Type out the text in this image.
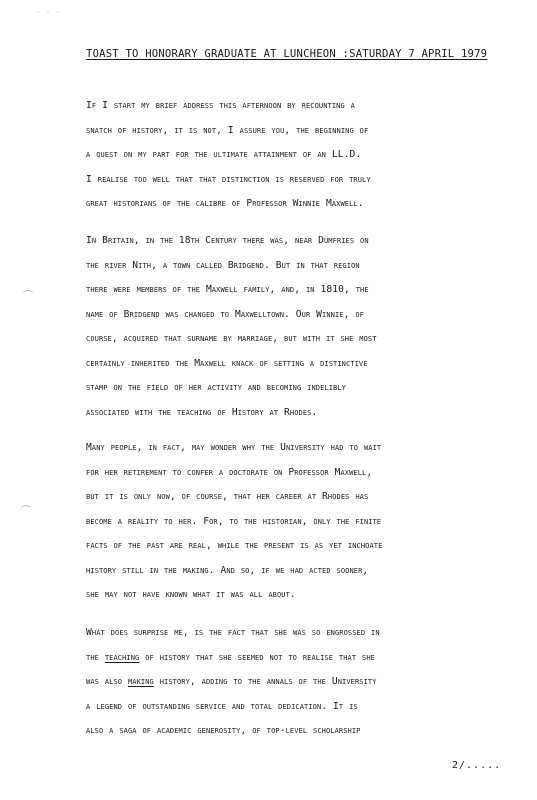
· · ·
TOAST TO HONORARY GRADUATE AT LUNCHEON :SATURDAY 7 APRIL 1979
If I start my brief address this afternoon by recounting a
snatch of history, it is not, I assure you, the beginning of
a quest on my part for the ultimate attainment of an LL.D.
I realise too well that that distinction is reserved for truly
great historians of the calibre of Professor Winnie Maxwell.
In Britain, in the 18th Century there was, near Dumfries on
the river Nith, a town called Bridgend. But in that region
there were members of the Maxwell family, and, in 1810, the
name of Bridgend was changed to Maxwelltown. Our Winnie, of
course, acquired that surname by marriage, but with it she most
certainly inherited the Maxwell knack of setting a distinctive
stamp on the field of her activity and becoming indelibly
associated with the teaching of History at Rhodes.
Many people, in fact, may wonder why the University had to wait
for her retirement to confer a doctorate on Professor Maxwell,
but it is only now, of course, that her career at Rhodes has
become a reality to her. For, to the historian, only the finite
facts of the past are real, while the present is as yet inchoate
history still in the making. And so, if we had acted sooner,
she may not have known what it was all about.
What does surprise me, is the fact that she was so engrossed in
the teaching of history that she seemed not to realise that she
was also making history, adding to the annals of the University
a legend of outstanding service and total dedication. It is
also a saga of academic generosity, of top-level scholarship
2/.....
